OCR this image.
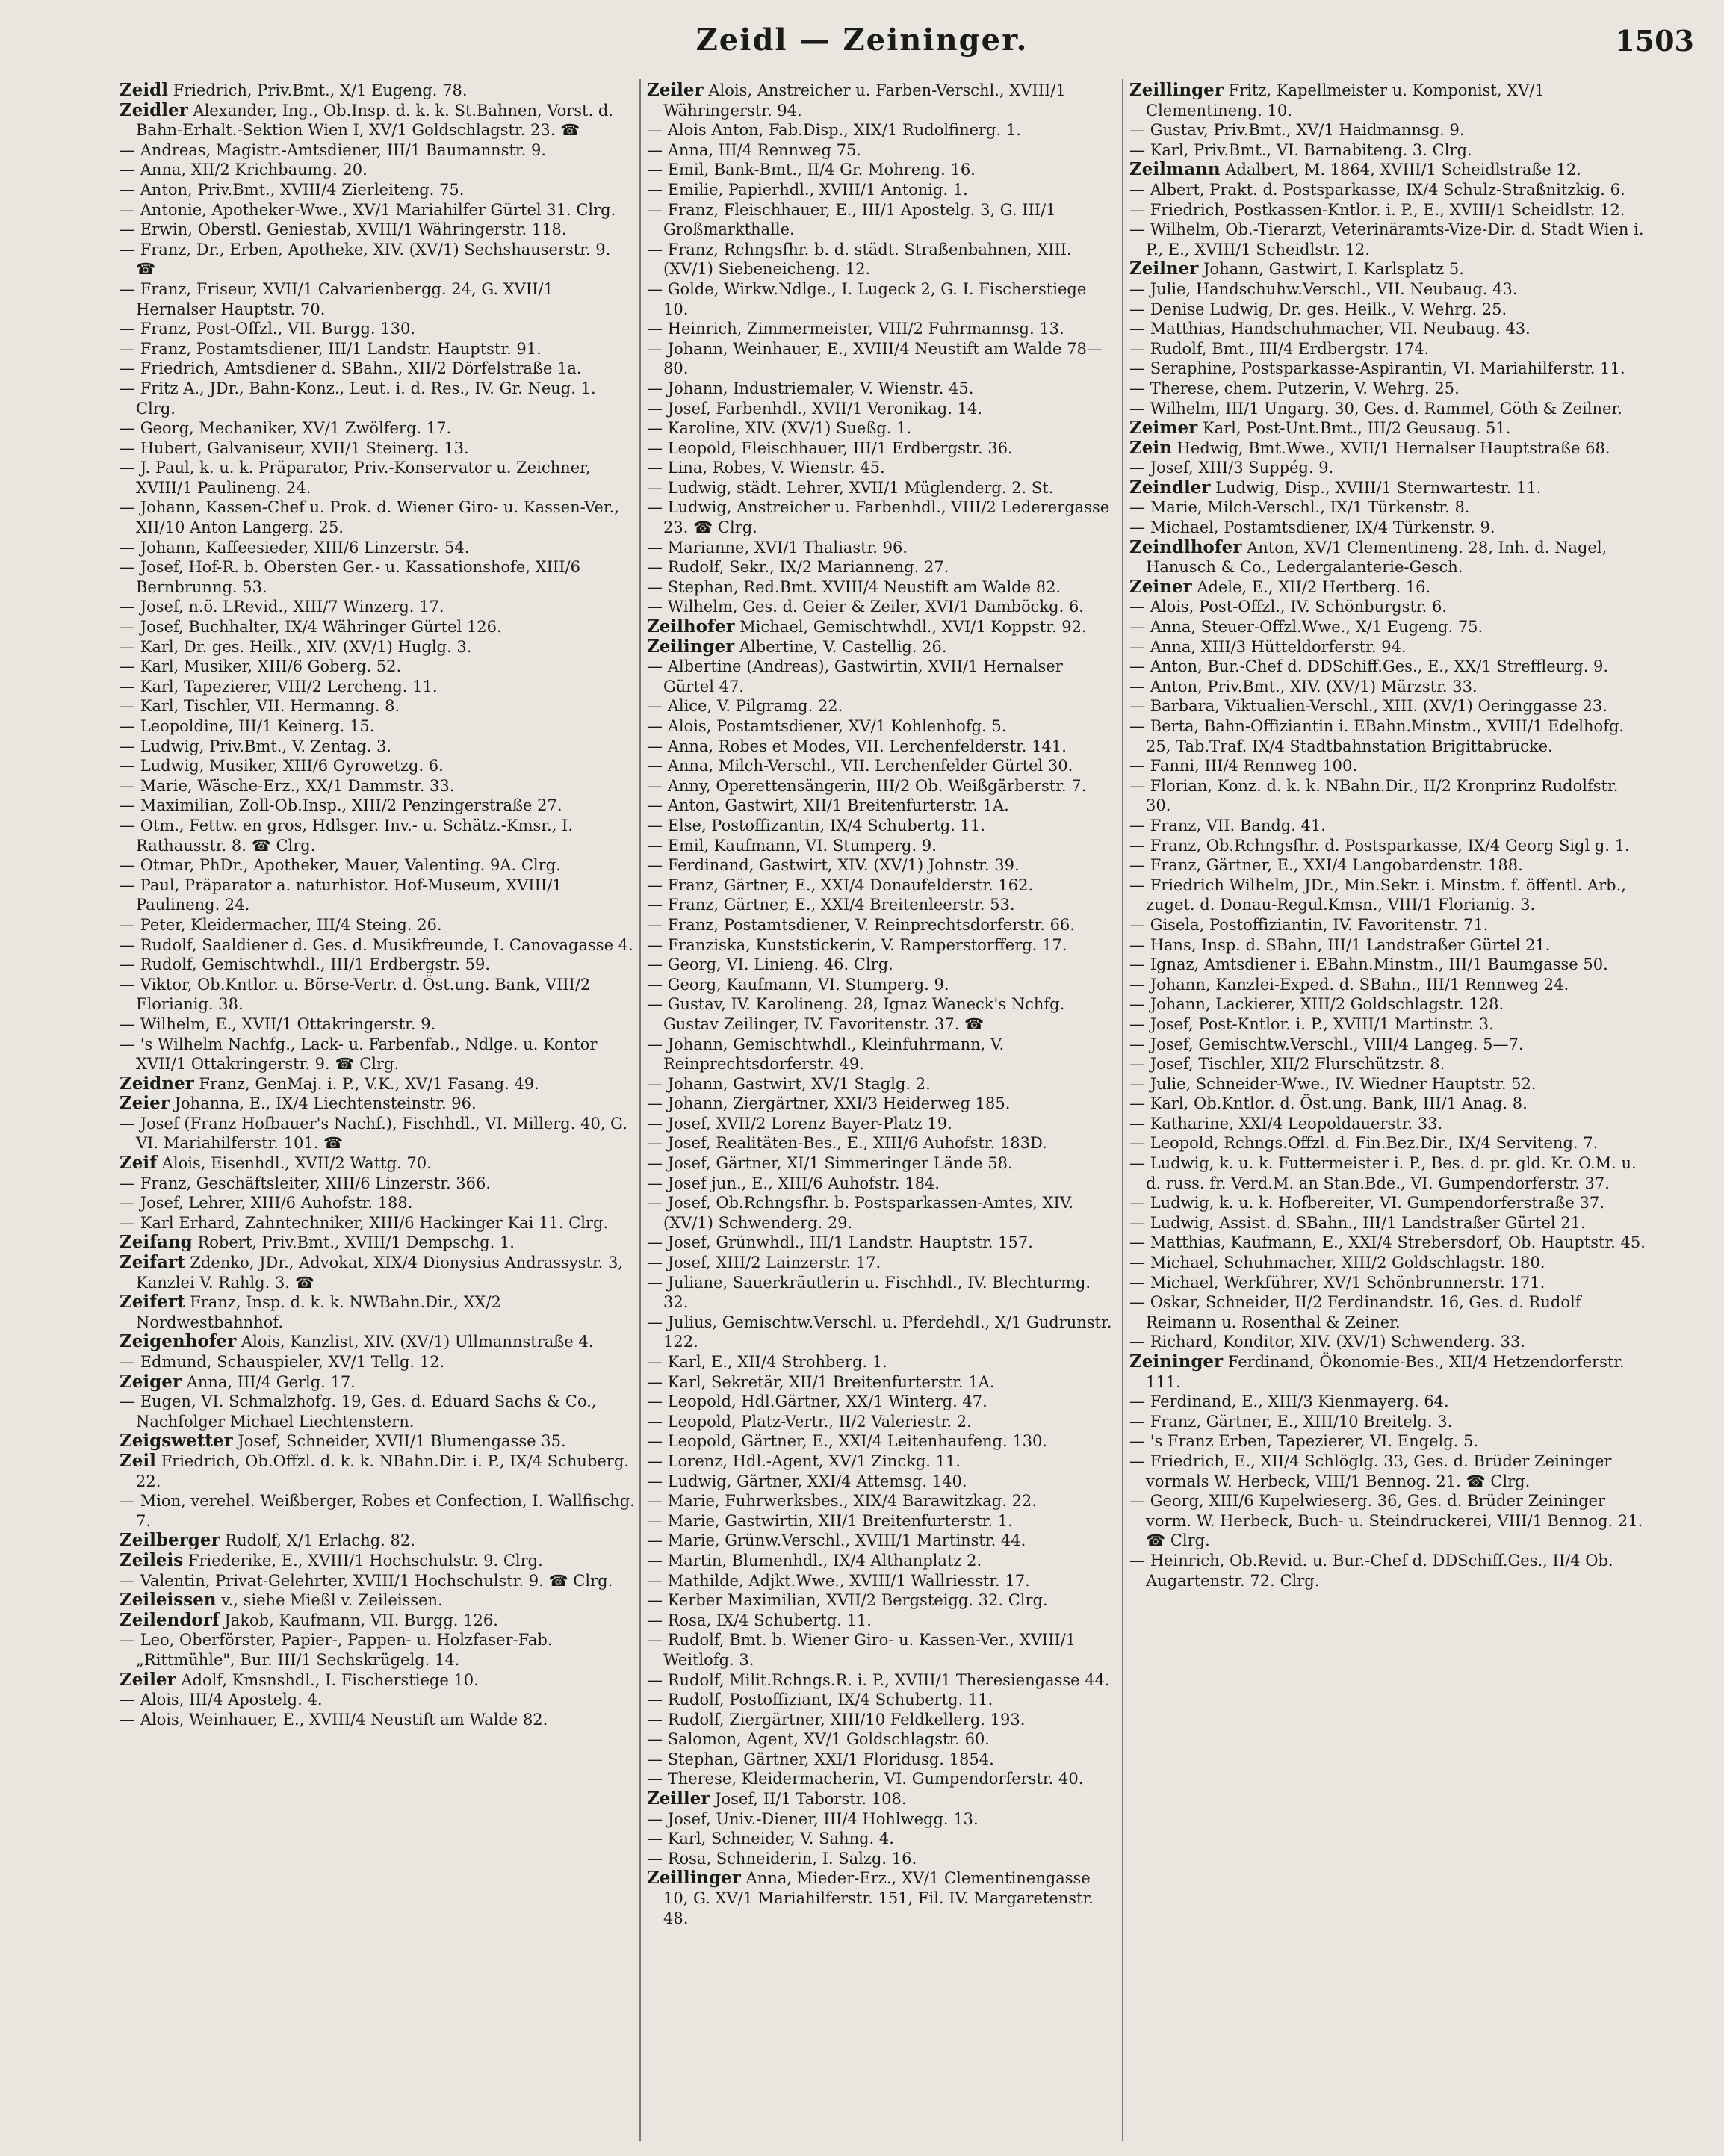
Zeidl — Zeininger.	1503

Zeidl Friedrich, Priv.Bmt., X/1 Eugeng. 78.

Zeidler Alexander, Ing., Ob.Insp. d. k. k. St.Bahnen, Vorst. d. Bahn-Erhalt.-Sektion Wien I, XV/1 Goldschlagstr. 23. ☎

— Andreas, Magistr.-Amtsdiener, III/1 Baumannstr. 9.

— Anna, XII/2 Krichbaumg. 20.

— Anton, Priv.Bmt., XVIII/4 Zierleiteng. 75.

— Antonie, Apotheker-Wwe., XV/1 Mariahilfer Gürtel 31. Clrg.

— Erwin, Oberstl. Geniestab, XVIII/1 Währingerstr. 118.

— Franz, Dr., Erben, Apotheke, XIV. (XV/1) Sechshauserstr. 9. ☎

— Franz, Friseur, XVII/1 Calvarienbergg. 24, G. XVII/1 Hernalser Hauptstr. 70.

— Franz, Post-Offzl., VII. Burgg. 130.

— Franz, Postamtsdiener, III/1 Landstr. Hauptstr. 91.

— Friedrich, Amtsdiener d. SBahn., XII/2 Dörfelstraße 1a.

— Fritz A., JDr., Bahn-Konz., Leut. i. d. Res., IV. Gr. Neug. 1. Clrg.

— Georg, Mechaniker, XV/1 Zwölferg. 17.

— Hubert, Galvaniseur, XVII/1 Steinerg. 13.

— J. Paul, k. u. k. Präparator, Priv.-Konservator u. Zeichner, XVIII/1 Paulineng. 24.

— Johann, Kassen-Chef u. Prok. d. Wiener Giro- u. Kassen-Ver., XII/10 Anton Langerg. 25.

— Johann, Kaffeesieder, XIII/6 Linzerstr. 54.

— Josef, Hof-R. b. Obersten Ger.- u. Kassationshofe, XIII/6 Bernbrunng. 53.

— Josef, n.ö. LRevid., XIII/7 Winzerg. 17.

— Josef, Buchhalter, IX/4 Währinger Gürtel 126.

— Karl, Dr. ges. Heilk., XIV. (XV/1) Huglg. 3.

— Karl, Musiker, XIII/6 Goberg. 52.

— Karl, Tapezierer, VIII/2 Lercheng. 11.

— Karl, Tischler, VII. Hermanng. 8.

— Leopoldine, III/1 Keinerg. 15.

— Ludwig, Priv.Bmt., V. Zentag. 3.

— Ludwig, Musiker, XIII/6 Gyrowetzg. 6.

— Marie, Wäsche-Erz., XX/1 Dammstr. 33.

— Maximilian, Zoll-Ob.Insp., XIII/2 Penzingerstraße 27.

— Otm., Fettw. en gros, Hdlsger. Inv.- u. Schätz.-Kmsr., I. Rathausstr. 8. ☎ Clrg.

— Otmar, PhDr., Apotheker, Mauer, Valenting. 9A. Clrg.

— Paul, Präparator a. naturhistor. Hof-Museum, XVIII/1 Paulineng. 24.

— Peter, Kleidermacher, III/4 Steing. 26.

— Rudolf, Saaldiener d. Ges. d. Musikfreunde, I. Canovagasse 4.

— Rudolf, Gemischtwhdl., III/1 Erdbergstr. 59.

— Viktor, Ob.Kntlor. u. Börse-Vertr. d. Öst.ung. Bank, VIII/2 Florianig. 38.

— Wilhelm, E., XVII/1 Ottakringerstr. 9.

— 's Wilhelm Nachfg., Lack- u. Farbenfab., Ndlge. u. Kontor XVII/1 Ottakringerstr. 9. ☎ Clrg.

Zeidner Franz, GenMaj. i. P., V.K., XV/1 Fasang. 49.

Zeier Johanna, E., IX/4 Liechtensteinstr. 96.

— Josef (Franz Hofbauer's Nachf.), Fischhdl., VI. Millerg. 40, G. VI. Mariahilferstr. 101. ☎

Zeif Alois, Eisenhdl., XVII/2 Wattg. 70.

— Franz, Geschäftsleiter, XIII/6 Linzerstr. 366.

— Josef, Lehrer, XIII/6 Auhofstr. 188.

— Karl Erhard, Zahntechniker, XIII/6 Hackinger Kai 11. Clrg.

Zeifang Robert, Priv.Bmt., XVIII/1 Dempschg. 1.

Zeifart Zdenko, JDr., Advokat, XIX/4 Dionysius Andrassystr. 3, Kanzlei V. Rahlg. 3. ☎

Zeifert Franz, Insp. d. k. k. NWBahn.Dir., XX/2 Nordwestbahnhof.

Zeigenhofer Alois, Kanzlist, XIV. (XV/1) Ullmannstraße 4.

— Edmund, Schauspieler, XV/1 Tellg. 12.

Zeiger Anna, III/4 Gerlg. 17.

— Eugen, VI. Schmalzhofg. 19, Ges. d. Eduard Sachs & Co., Nachfolger Michael Liechtenstern.

Zeigswetter Josef, Schneider, XVII/1 Blumengasse 35.

Zeil Friedrich, Ob.Offzl. d. k. k. NBahn.Dir. i. P., IX/4 Schuberg. 22.

— Mion, verehel. Weißberger, Robes et Confection, I. Wallfischg. 7.

Zeilberger Rudolf, X/1 Erlachg. 82.

Zeileis Friederike, E., XVIII/1 Hochschulstr. 9. Clrg.

— Valentin, Privat-Gelehrter, XVIII/1 Hochschulstr. 9. ☎ Clrg.

Zeileissen v., siehe Mießl v. Zeileissen.

Zeilendorf Jakob, Kaufmann, VII. Burgg. 126.

— Leo, Oberförster, Papier-, Pappen- u. Holzfaser-Fab. „Rittmühle", Bur. III/1 Sechskrügelg. 14.

Zeiler Adolf, Kmsnshdl., I. Fischerstiege 10.

— Alois, III/4 Apostelg. 4.

— Alois, Weinhauer, E., XVIII/4 Neustift am Walde 82.

Zeiler Alois, Anstreicher u. Farben-Verschl., XVIII/1 Währingerstr. 94.

— Alois Anton, Fab.Disp., XIX/1 Rudolfinerg. 1.

— Anna, III/4 Rennweg 75.

— Emil, Bank-Bmt., II/4 Gr. Mohreng. 16.

— Emilie, Papierhdl., XVIII/1 Antonig. 1.

— Franz, Fleischhauer, E., III/1 Apostelg. 3, G. III/1 Großmarkthalle.

— Franz, Rchngsfhr. b. d. städt. Straßenbahnen, XIII. (XV/1) Siebeneicheng. 12.

— Golde, Wirkw.Ndlge., I. Lugeck 2, G. I. Fischerstiege 10.

— Heinrich, Zimmermeister, VIII/2 Fuhrmannsg. 13.

— Johann, Weinhauer, E., XVIII/4 Neustift am Walde 78—80.

— Johann, Industriemaler, V. Wienstr. 45.

— Josef, Farbenhdl., XVII/1 Veronikag. 14.

— Karoline, XIV. (XV/1) Sueßg. 1.

— Leopold, Fleischhauer, III/1 Erdbergstr. 36.

— Lina, Robes, V. Wienstr. 45.

— Ludwig, städt. Lehrer, XVII/1 Müglenderg. 2. St.

— Ludwig, Anstreicher u. Farbenhdl., VIII/2 Lederergasse 23. ☎ Clrg.

— Marianne, XVI/1 Thaliastr. 96.

— Rudolf, Sekr., IX/2 Marianneng. 27.

— Stephan, Red.Bmt. XVIII/4 Neustift am Walde 82.

— Wilhelm, Ges. d. Geier & Zeiler, XVI/1 Damböckg. 6.

Zeilhofer Michael, Gemischtwhdl., XVI/1 Koppstr. 92.

Zeilinger Albertine, V. Castellig. 26.

— Albertine (Andreas), Gastwirtin, XVII/1 Hernalser Gürtel 47.

— Alice, V. Pilgramg. 22.

— Alois, Postamtsdiener, XV/1 Kohlenhofg. 5.

— Anna, Robes et Modes, VII. Lerchenfelderstr. 141.

— Anna, Milch-Verschl., VII. Lerchenfelder Gürtel 30.

— Anny, Operettensängerin, III/2 Ob. Weißgärberstr. 7.

— Anton, Gastwirt, XII/1 Breitenfurterstr. 1A.

— Else, Postoffizantin, IX/4 Schubertg. 11.

— Emil, Kaufmann, VI. Stumperg. 9.

— Ferdinand, Gastwirt, XIV. (XV/1) Johnstr. 39.

— Franz, Gärtner, E., XXI/4 Donaufelderstr. 162.

— Franz, Gärtner, E., XXI/4 Breitenleerstr. 53.

— Franz, Postamtsdiener, V. Reinprechtsdorferstr. 66.

— Franziska, Kunststickerin, V. Ramperstorfferg. 17.

— Georg, VI. Linieng. 46. Clrg.

— Georg, Kaufmann, VI. Stumperg. 9.

— Gustav, IV. Karolineng. 28, Ignaz Waneck's Nchfg. Gustav Zeilinger, IV. Favoritenstr. 37. ☎

— Johann, Gemischtwhdl., Kleinfuhrmann, V. Reinprechtsdorferstr. 49.

— Johann, Gastwirt, XV/1 Staglg. 2.

— Johann, Ziergärtner, XXI/3 Heiderweg 185.

— Josef, XVII/2 Lorenz Bayer-Platz 19.

— Josef, Realitäten-Bes., E., XIII/6 Auhofstr. 183D.

— Josef, Gärtner, XI/1 Simmeringer Lände 58.

— Josef jun., E., XIII/6 Auhofstr. 184.

— Josef, Ob.Rchngsfhr. b. Postsparkassen-Amtes, XIV. (XV/1) Schwenderg. 29.

— Josef, Grünwhdl., III/1 Landstr. Hauptstr. 157.

— Josef, XIII/2 Lainzerstr. 17.

— Juliane, Sauerkräutlerin u. Fischhdl., IV. Blechturmg. 32.

— Julius, Gemischtw.Verschl. u. Pferdehdl., X/1 Gudrunstr. 122.

— Karl, E., XII/4 Strohberg. 1.

— Karl, Sekretär, XII/1 Breitenfurterstr. 1A.

— Leopold, Hdl.Gärtner, XX/1 Winterg. 47.

— Leopold, Platz-Vertr., II/2 Valeriestr. 2.

— Leopold, Gärtner, E., XXI/4 Leitenhaufeng. 130.

— Lorenz, Hdl.-Agent, XV/1 Zinckg. 11.

— Ludwig, Gärtner, XXI/4 Attemsg. 140.

— Marie, Fuhrwerksbes., XIX/4 Barawitzkag. 22.

— Marie, Gastwirtin, XII/1 Breitenfurterstr. 1.

— Marie, Grünw.Verschl., XVIII/1 Martinstr. 44.

— Martin, Blumenhdl., IX/4 Althanplatz 2.

— Mathilde, Adjkt.Wwe., XVIII/1 Wallriesstr. 17.

— Kerber Maximilian, XVII/2 Bergsteigg. 32. Clrg.

— Rosa, IX/4 Schubertg. 11.

— Rudolf, Bmt. b. Wiener Giro- u. Kassen-Ver., XVIII/1 Weitlofg. 3.

— Rudolf, Milit.Rchngs.R. i. P., XVIII/1 Theresiengasse 44.

— Rudolf, Postoffiziant, IX/4 Schubertg. 11.

— Rudolf, Ziergärtner, XIII/10 Feldkellerg. 193.

— Salomon, Agent, XV/1 Goldschlagstr. 60.

— Stephan, Gärtner, XXI/1 Floridusg. 1854.

— Therese, Kleidermacherin, VI. Gumpendorferstr. 40.

Zeiller Josef, II/1 Taborstr. 108.

— Josef, Univ.-Diener, III/4 Hohlwegg. 13.

— Karl, Schneider, V. Sahng. 4.

— Rosa, Schneiderin, I. Salzg. 16.

Zeillinger Anna, Mieder-Erz., XV/1 Clementinengasse 10, G. XV/1 Mariahilferstr. 151, Fil. IV. Margaretenstr. 48.

Zeillinger Fritz, Kapellmeister u. Komponist, XV/1 Clementineng. 10.

— Gustav, Priv.Bmt., XV/1 Haidmannsg. 9.

— Karl, Priv.Bmt., VI. Barnabiteng. 3. Clrg.

Zeilmann Adalbert, M. 1864, XVIII/1 Scheidlstraße 12.

— Albert, Prakt. d. Postsparkasse, IX/4 Schulz-Straßnitzkig. 6.

— Friedrich, Postkassen-Kntlor. i. P., E., XVIII/1 Scheidlstr. 12.

— Wilhelm, Ob.-Tierarzt, Veterinäramts-Vize-Dir. d. Stadt Wien i. P., E., XVIII/1 Scheidlstr. 12.

Zeilner Johann, Gastwirt, I. Karlsplatz 5.

— Julie, Handschuhw.Verschl., VII. Neubaug. 43.

— Denise Ludwig, Dr. ges. Heilk., V. Wehrg. 25.

— Matthias, Handschuhmacher, VII. Neubaug. 43.

— Rudolf, Bmt., III/4 Erdbergstr. 174.

— Seraphine, Postsparkasse-Aspirantin, VI. Mariahilferstr. 11.

— Therese, chem. Putzerin, V. Wehrg. 25.

— Wilhelm, III/1 Ungarg. 30, Ges. d. Rammel, Göth & Zeilner.

Zeimer Karl, Post-Unt.Bmt., III/2 Geusaug. 51.

Zein Hedwig, Bmt.Wwe., XVII/1 Hernalser Hauptstraße 68.

— Josef, XIII/3 Suppég. 9.

Zeindler Ludwig, Disp., XVIII/1 Sternwartestr. 11.

— Marie, Milch-Verschl., IX/1 Türkenstr. 8.

— Michael, Postamtsdiener, IX/4 Türkenstr. 9.

Zeindlhofer Anton, XV/1 Clementineng. 28, Inh. d. Nagel, Hanusch & Co., Ledergalanterie-Gesch.

Zeiner Adele, E., XII/2 Hertberg. 16.

— Alois, Post-Offzl., IV. Schönburgstr. 6.

— Anna, Steuer-Offzl.Wwe., X/1 Eugeng. 75.

— Anna, XIII/3 Hütteldorferstr. 94.

— Anton, Bur.-Chef d. DDSchiff.Ges., E., XX/1 Streffleurg. 9.

— Anton, Priv.Bmt., XIV. (XV/1) Märzstr. 33.

— Barbara, Viktualien-Verschl., XIII. (XV/1) Oeringgasse 23.

— Berta, Bahn-Offiziantin i. EBahn.Minstm., XVIII/1 Edelhofg. 25, Tab.Traf. IX/4 Stadtbahnstation Brigittabrücke.

— Fanni, III/4 Rennweg 100.

— Florian, Konz. d. k. k. NBahn.Dir., II/2 Kronprinz Rudolfstr. 30.

— Franz, VII. Bandg. 41.

— Franz, Ob.Rchngsfhr. d. Postsparkasse, IX/4 Georg Sigl g. 1.

— Franz, Gärtner, E., XXI/4 Langobardenstr. 188.

— Friedrich Wilhelm, JDr., Min.Sekr. i. Minstm. f. öffentl. Arb., zuget. d. Donau-Regul.Kmsn., VIII/1 Florianig. 3.

— Gisela, Postoffiziantin, IV. Favoritenstr. 71.

— Hans, Insp. d. SBahn, III/1 Landstraßer Gürtel 21.

— Ignaz, Amtsdiener i. EBahn.Minstm., III/1 Baumgasse 50.

— Johann, Kanzlei-Exped. d. SBahn., III/1 Rennweg 24.

— Johann, Lackierer, XIII/2 Goldschlagstr. 128.

— Josef, Post-Kntlor. i. P., XVIII/1 Martinstr. 3.

— Josef, Gemischtw.Verschl., VIII/4 Langeg. 5—7.

— Josef, Tischler, XII/2 Flurschützstr. 8.

— Julie, Schneider-Wwe., IV. Wiedner Hauptstr. 52.

— Karl, Ob.Kntlor. d. Öst.ung. Bank, III/1 Anag. 8.

— Katharine, XXI/4 Leopoldauerstr. 33.

— Leopold, Rchngs.Offzl. d. Fin.Bez.Dir., IX/4 Serviteng. 7.

— Ludwig, k. u. k. Futtermeister i. P., Bes. d. pr. gld. Kr. O.M. u. d. russ. fr. Verd.M. an Stan.Bde., VI. Gumpendorferstr. 37.

— Ludwig, k. u. k. Hofbereiter, VI. Gumpendorferstraße 37.

— Ludwig, Assist. d. SBahn., III/1 Landstraßer Gürtel 21.

— Matthias, Kaufmann, E., XXI/4 Strebersdorf, Ob. Hauptstr. 45.

— Michael, Schuhmacher, XIII/2 Goldschlagstr. 180.

— Michael, Werkführer, XV/1 Schönbrunnerstr. 171.

— Oskar, Schneider, II/2 Ferdinandstr. 16, Ges. d. Rudolf Reimann u. Rosenthal & Zeiner.

— Richard, Konditor, XIV. (XV/1) Schwenderg. 33.

Zeininger Ferdinand, Ökonomie-Bes., XII/4 Hetzendorferstr. 111.

— Ferdinand, E., XIII/3 Kienmayerg. 64.

— Franz, Gärtner, E., XIII/10 Breitelg. 3.

— 's Franz Erben, Tapezierer, VI. Engelg. 5.

— Friedrich, E., XII/4 Schlöglg. 33, Ges. d. Brüder Zeininger vormals W. Herbeck, VIII/1 Bennog. 21. ☎ Clrg.

— Georg, XIII/6 Kupelwieserg. 36, Ges. d. Brüder Zeininger vorm. W. Herbeck, Buch- u. Steindruckerei, VIII/1 Bennog. 21. ☎ Clrg.

— Heinrich, Ob.Revid. u. Bur.-Chef d. DDSchiff.Ges., II/4 Ob. Augartenstr. 72. Clrg.
